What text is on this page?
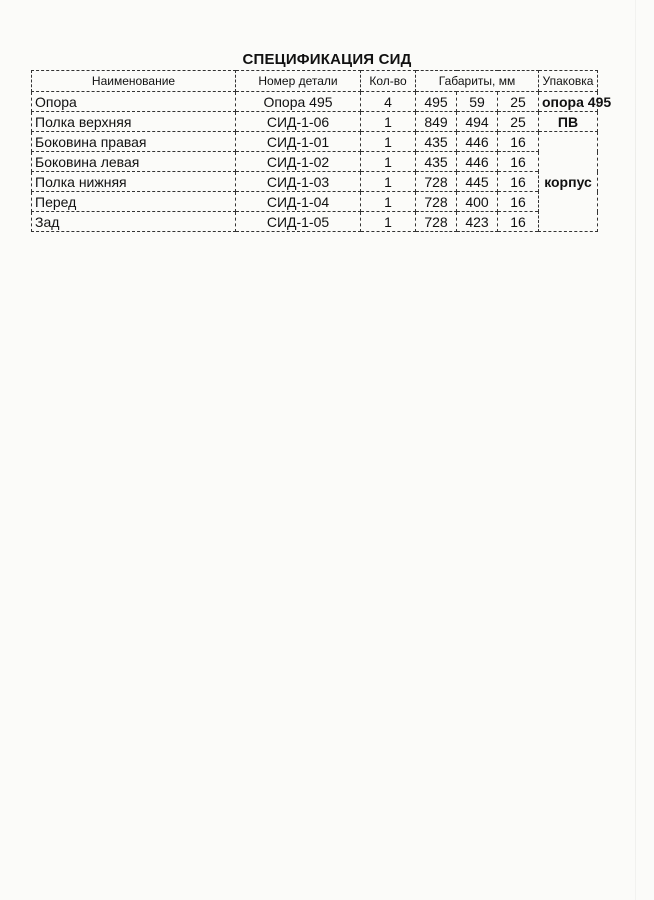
СПЕЦИФИКАЦИЯ СИД
Наименование	Номер детали	Кол-во	Габариты, мм			Упаковка
Опора	Опора 495	4	495	59	25	опора 495
Полка верхняя	СИД-1-06	1	849	494	25	ПВ
Боковина правая	СИД-1-01	1	435	446	16	корпус
Боковина левая	СИД-1-02	1	435	446	16	
Полка нижняя	СИД-1-03	1	728	445	16	
Перед	СИД-1-04	1	728	400	16	
Зад	СИД-1-05	1	728	423	16	
